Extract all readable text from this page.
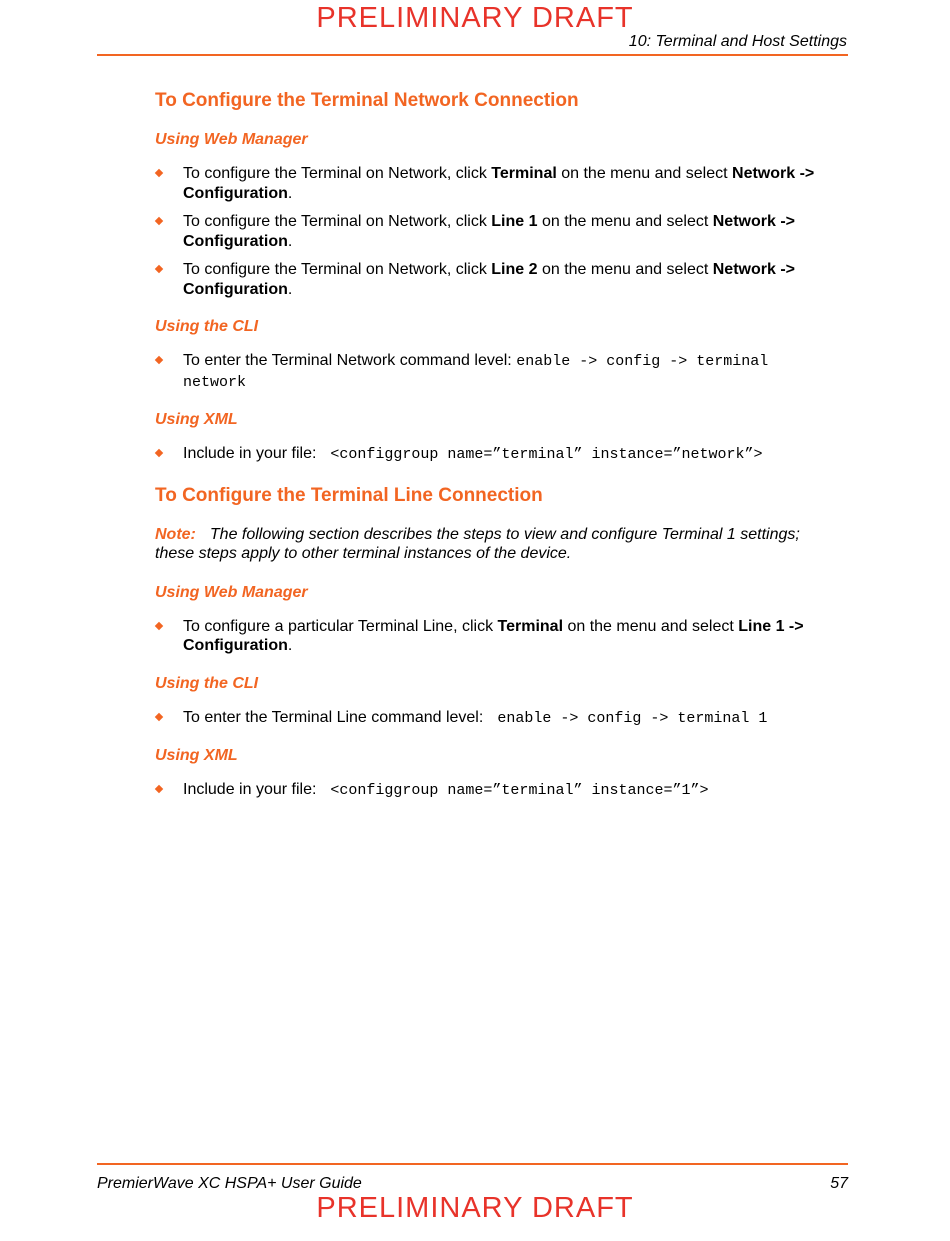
PRELIMINARY DRAFT
10: Terminal and Host Settings
To Configure the Terminal Network Connection
Using Web Manager
To configure the Terminal on Network, click Terminal on the menu and select Network -> Configuration.
To configure the Terminal on Network, click Line 1 on the menu and select Network -> Configuration.
To configure the Terminal on Network, click Line 2 on the menu and select Network -> Configuration.
Using the CLI
To enter the Terminal Network command level: enable -> config -> terminal network
Using XML
Include in your file: <configgroup name=”terminal” instance=”network”>
To Configure the Terminal Line Connection

Note: The following section describes the steps to view and configure Terminal 1 settings; these steps apply to other terminal instances of the device.

Using Web Manager
To configure a particular Terminal Line, click Terminal on the menu and select Line 1 -> Configuration.
Using the CLI
To enter the Terminal Line command level: enable -> config -> terminal 1
Using XML
Include in your file: <configgroup name=”terminal” instance=”1”>
PremierWave XC HSPA+ User Guide	57
PRELIMINARY DRAFT
